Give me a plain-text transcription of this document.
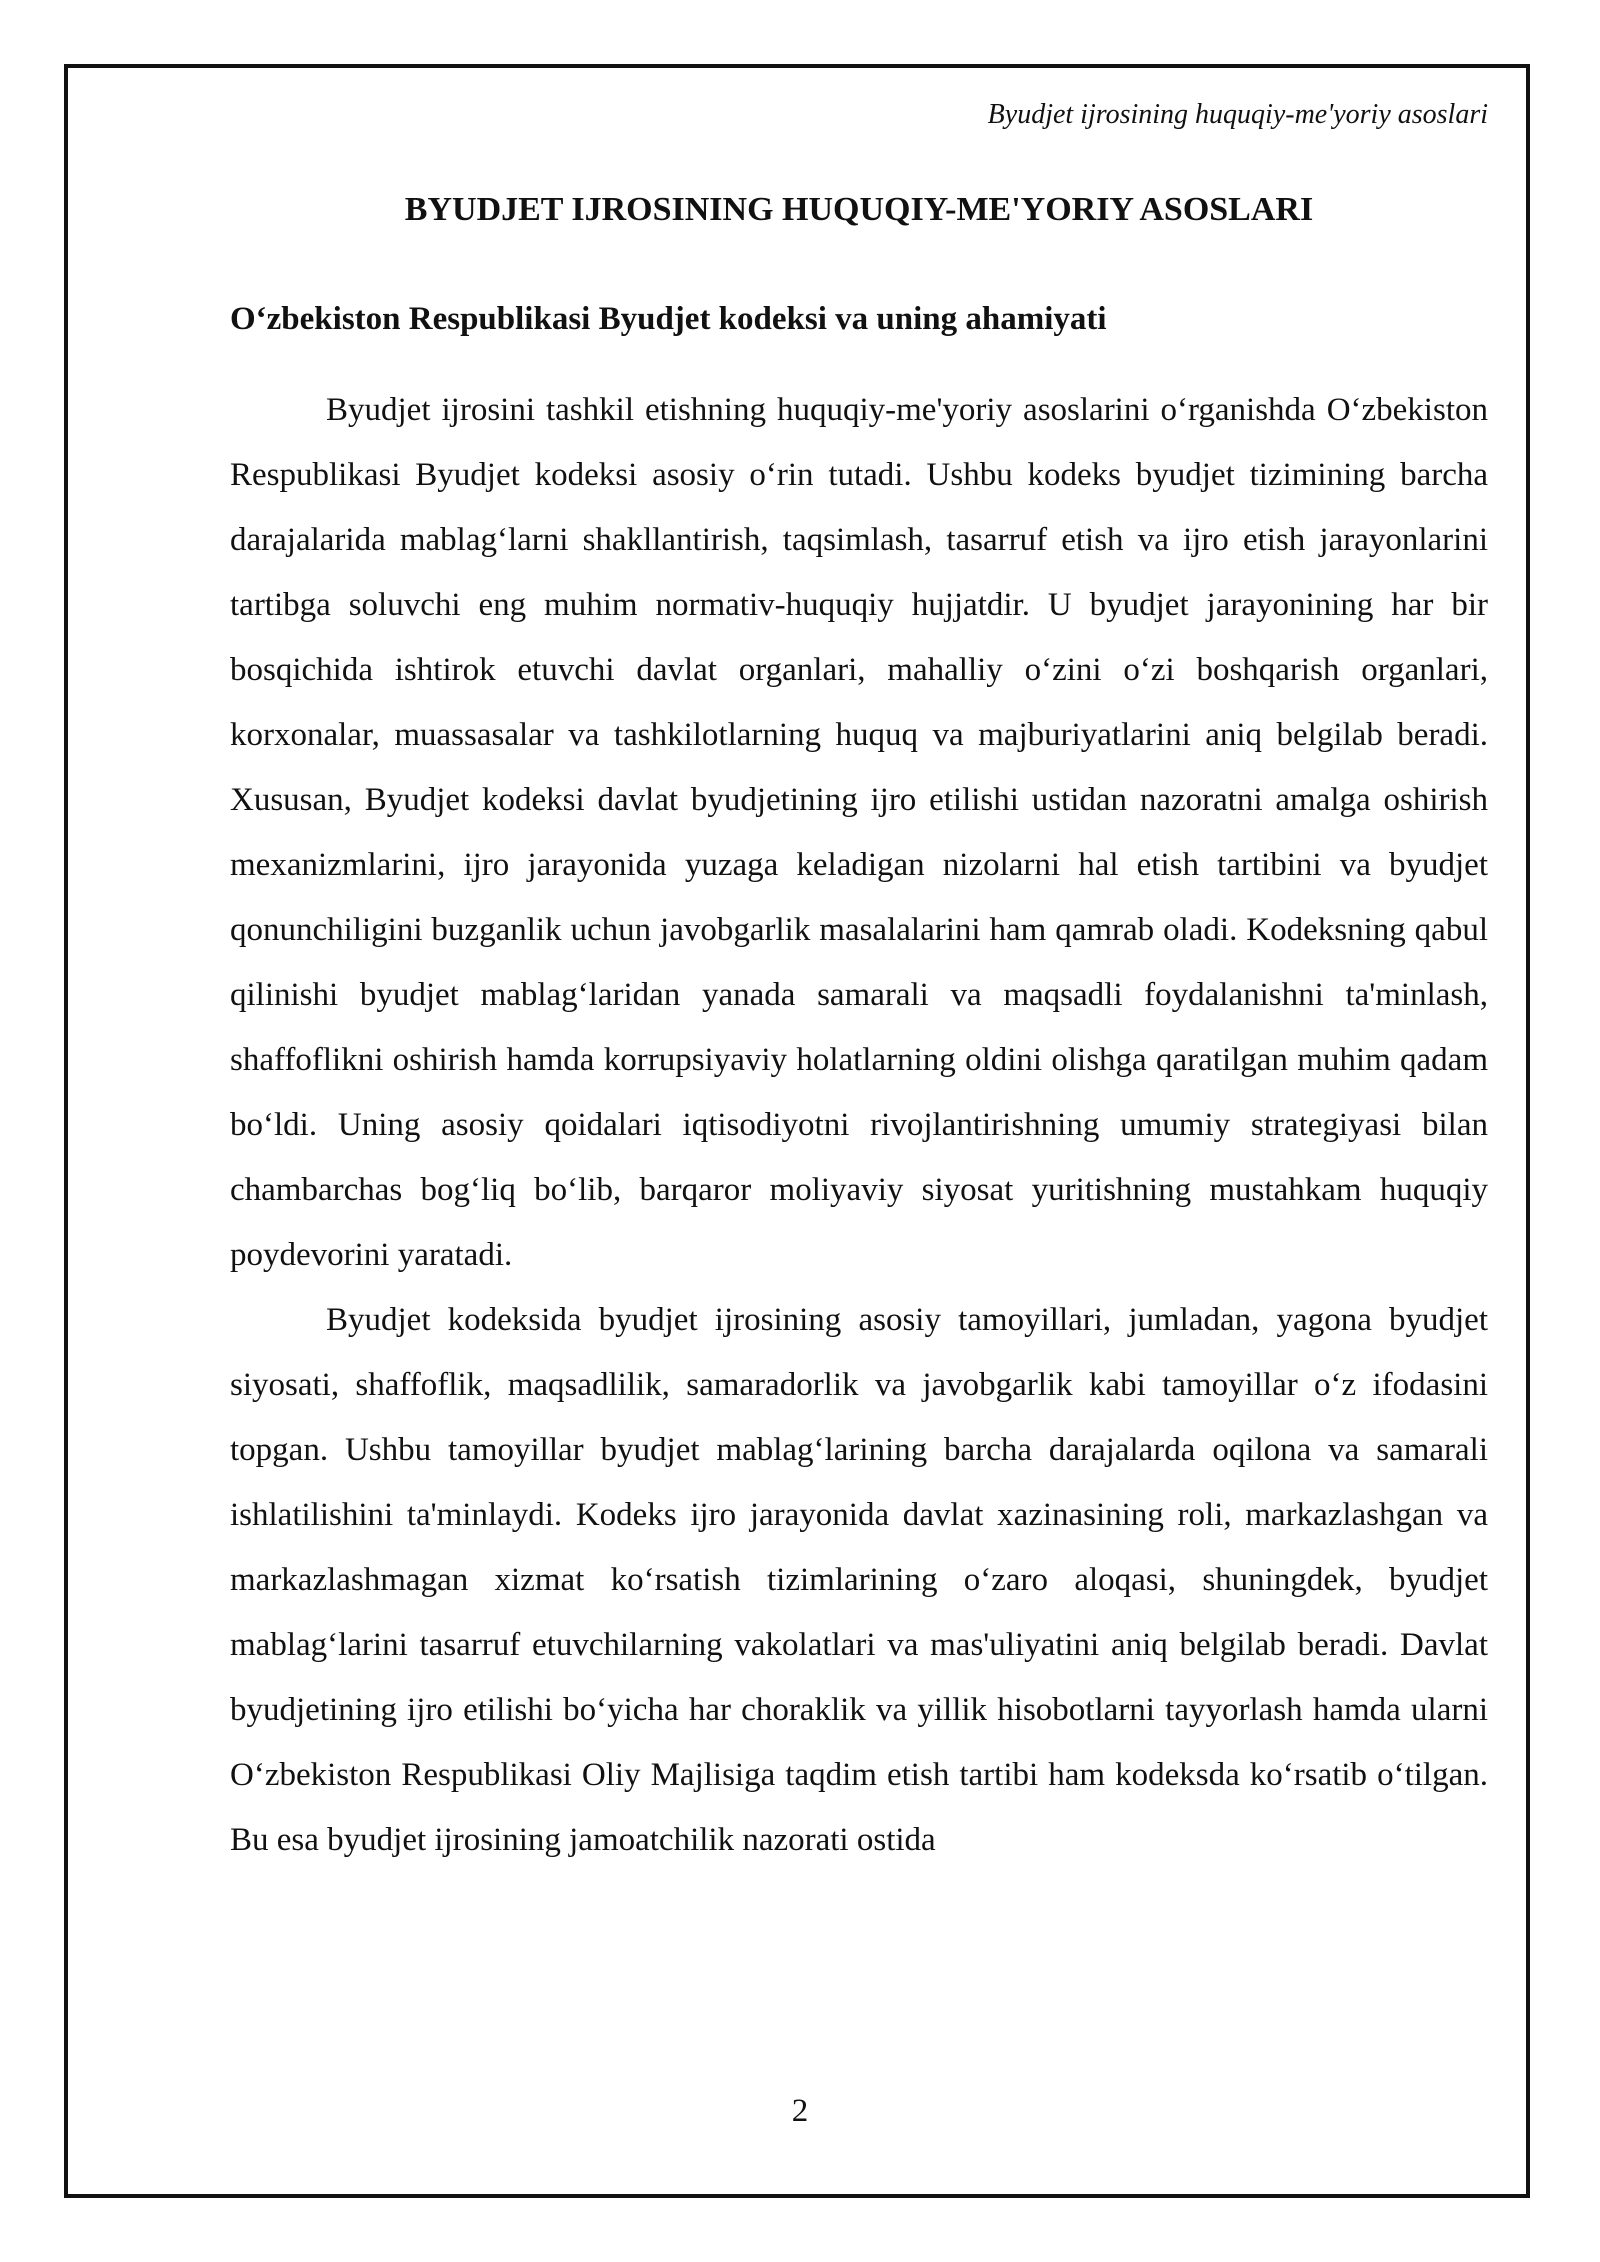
Byudjet ijrosining huquqiy-me'yoriy asoslari
BYUDJET IJROSINING HUQUQIY-ME'YORIY ASOSLARI
O‘zbekiston Respublikasi Byudjet kodeksi va uning ahamiyati

Byudjet ijrosini tashkil etishning huquqiy-me'yoriy asoslarini o‘rganishda O‘zbekiston Respublikasi Byudjet kodeksi asosiy o‘rin tutadi. Ushbu kodeks byudjet tizimining barcha darajalarida mablag‘larni shakllantirish, taqsimlash, tasarruf etish va ijro etish jarayonlarini tartibga soluvchi eng muhim normativ-huquqiy hujjatdir. U byudjet jarayonining har bir bosqichida ishtirok etuvchi davlat organlari, mahalliy o‘zini o‘zi boshqarish organlari, korxonalar, muassasalar va tashkilotlarning huquq va majburiyatlarini aniq belgilab beradi. Xususan, Byudjet kodeksi davlat byudjetining ijro etilishi ustidan nazoratni amalga oshirish mexanizmlarini, ijro jarayonida yuzaga keladigan nizolarni hal etish tartibini va byudjet qonunchiligini buzganlik uchun javobgarlik masalalarini ham qamrab oladi. Kodeksning qabul qilinishi byudjet mablag‘laridan yanada samarali va maqsadli foydalanishni ta'minlash, shaffoflikni oshirish hamda korrupsiyaviy holatlarning oldini olishga qaratilgan muhim qadam bo‘ldi. Uning asosiy qoidalari iqtisodiyotni rivojlantirishning umumiy strategiyasi bilan chambarchas bog‘liq bo‘lib, barqaror moliyaviy siyosat yuritishning mustahkam huquqiy poydevorini yaratadi.

Byudjet kodeksida byudjet ijrosining asosiy tamoyillari, jumladan, yagona byudjet siyosati, shaffoflik, maqsadlilik, samaradorlik va javobgarlik kabi tamoyillar o‘z ifodasini topgan. Ushbu tamoyillar byudjet mablag‘larining barcha darajalarda oqilona va samarali ishlatilishini ta'minlaydi. Kodeks ijro jarayonida davlat xazinasining roli, markazlashgan va markazlashmagan xizmat ko‘rsatish tizimlarining o‘zaro aloqasi, shuningdek, byudjet mablag‘larini tasarruf etuvchilarning vakolatlari va mas'uliyatini aniq belgilab beradi. Davlat byudjetining ijro etilishi bo‘yicha har choraklik va yillik hisobotlarni tayyorlash hamda ularni O‘zbekiston Respublikasi Oliy Majlisiga taqdim etish tartibi ham kodeksda ko‘rsatib o‘tilgan. Bu esa byudjet ijrosining jamoatchilik nazorati ostida

2
